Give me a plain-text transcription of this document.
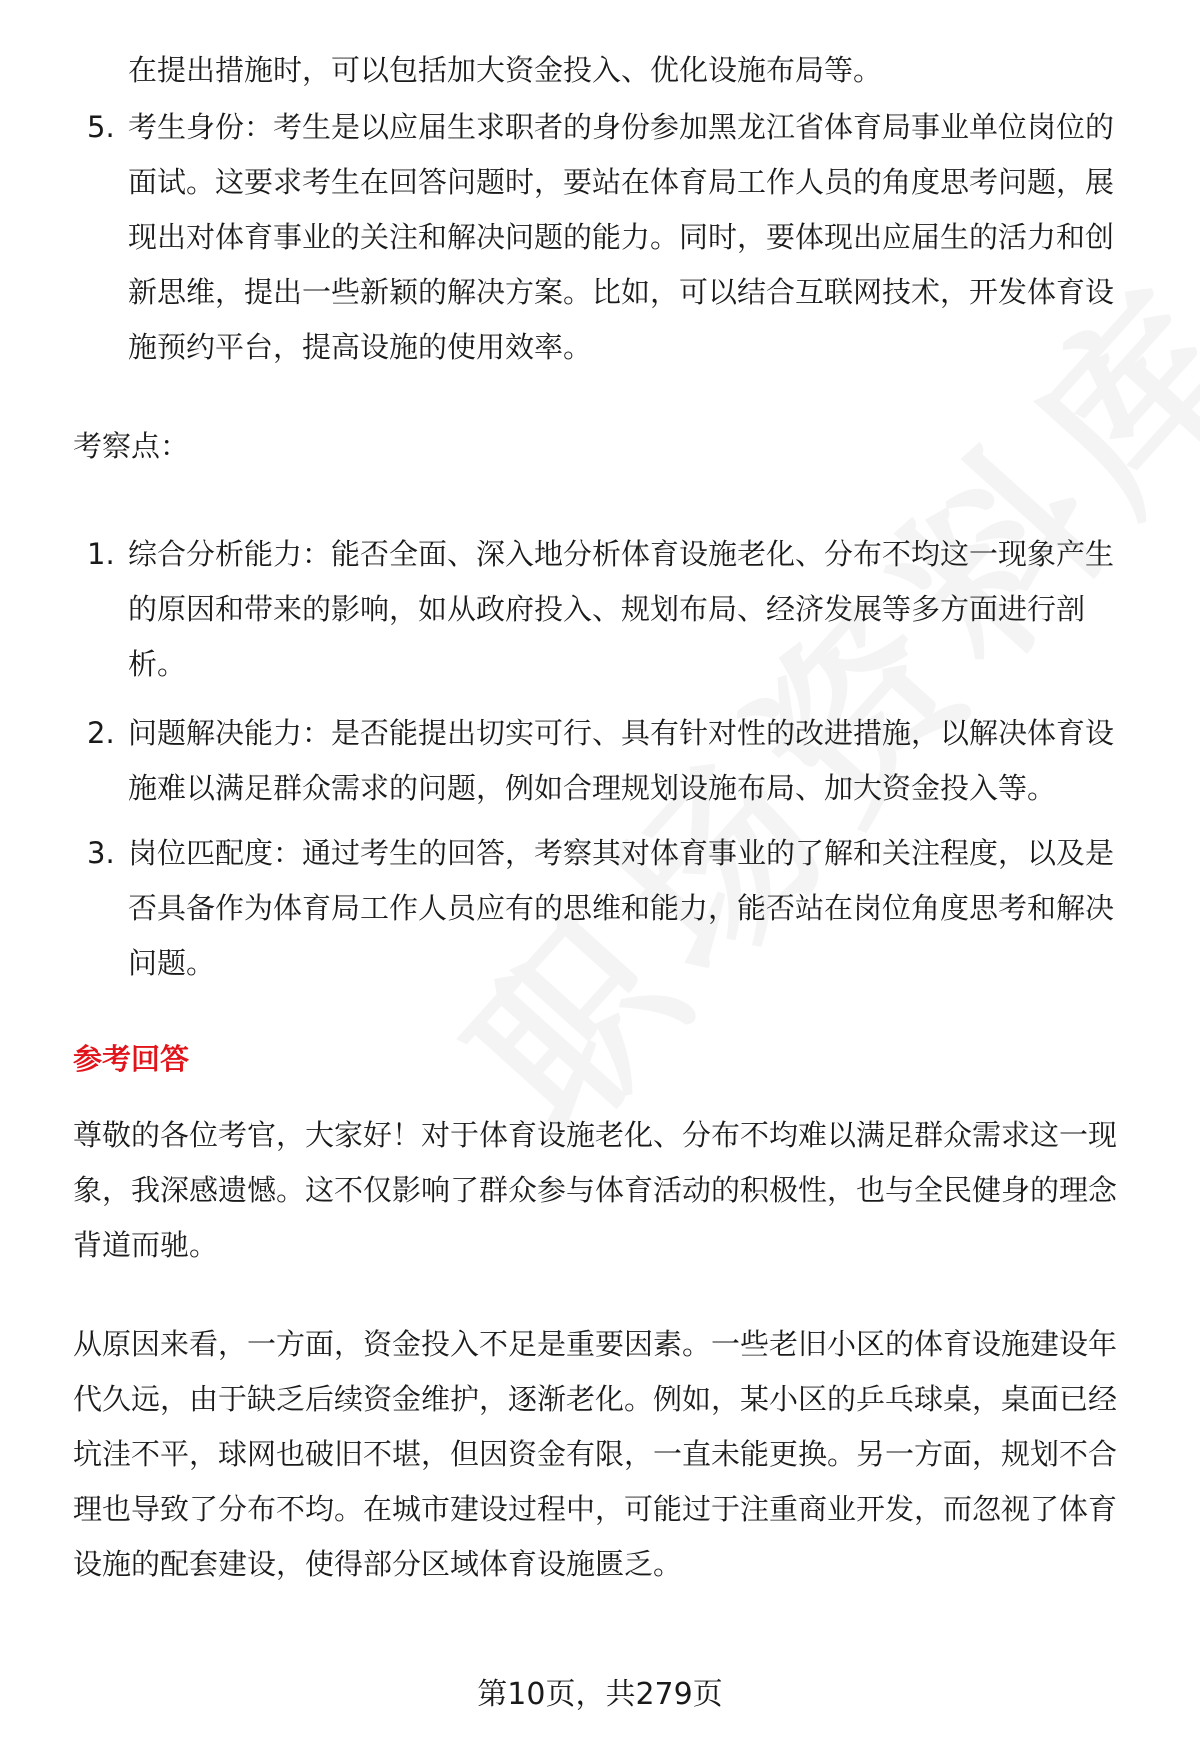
在提出措施时，可以包括加大资金投入、优化设施布局等。
5. 考生身份：考生是以应届生求职者的身份参加黑龙江省体育局事业单位岗位的
面试。这要求考生在回答问题时，要站在体育局工作人员的角度思考问题，展
现出对体育事业的关注和解决问题的能力。同时，要体现出应届生的活力和创
新思维，提出一些新颖的解决方案。比如，可以结合互联网技术，开发体育设
施预约平台，提高设施的使用效率。
考察点：
1. 综合分析能力：能否全面、深入地分析体育设施老化、分布不均这一现象产生
的原因和带来的影响，如从政府投入、规划布局、经济发展等多方面进行剖
析。
2. 问题解决能力：是否能提出切实可行、具有针对性的改进措施，以解决体育设
施难以满足群众需求的问题，例如合理规划设施布局、加大资金投入等。
3. 岗位匹配度：通过考生的回答，考察其对体育事业的了解和关注程度，以及是
否具备作为体育局工作人员应有的思维和能力，能否站在岗位角度思考和解决
问题。
参考回答
尊敬的各位考官，大家好！对于体育设施老化、分布不均难以满足群众需求这一现
象，我深感遗憾。这不仅影响了群众参与体育活动的积极性，也与全民健身的理念
背道而驰。
从原因来看，一方面，资金投入不足是重要因素。一些老旧小区的体育设施建设年
代久远，由于缺乏后续资金维护，逐渐老化。例如，某小区的乒乓球桌，桌面已经
坑洼不平，球网也破旧不堪，但因资金有限，一直未能更换。另一方面，规划不合
理也导致了分布不均。在城市建设过程中，可能过于注重商业开发，而忽视了体育
设施的配套建设，使得部分区域体育设施匮乏。
第10页，共279页
